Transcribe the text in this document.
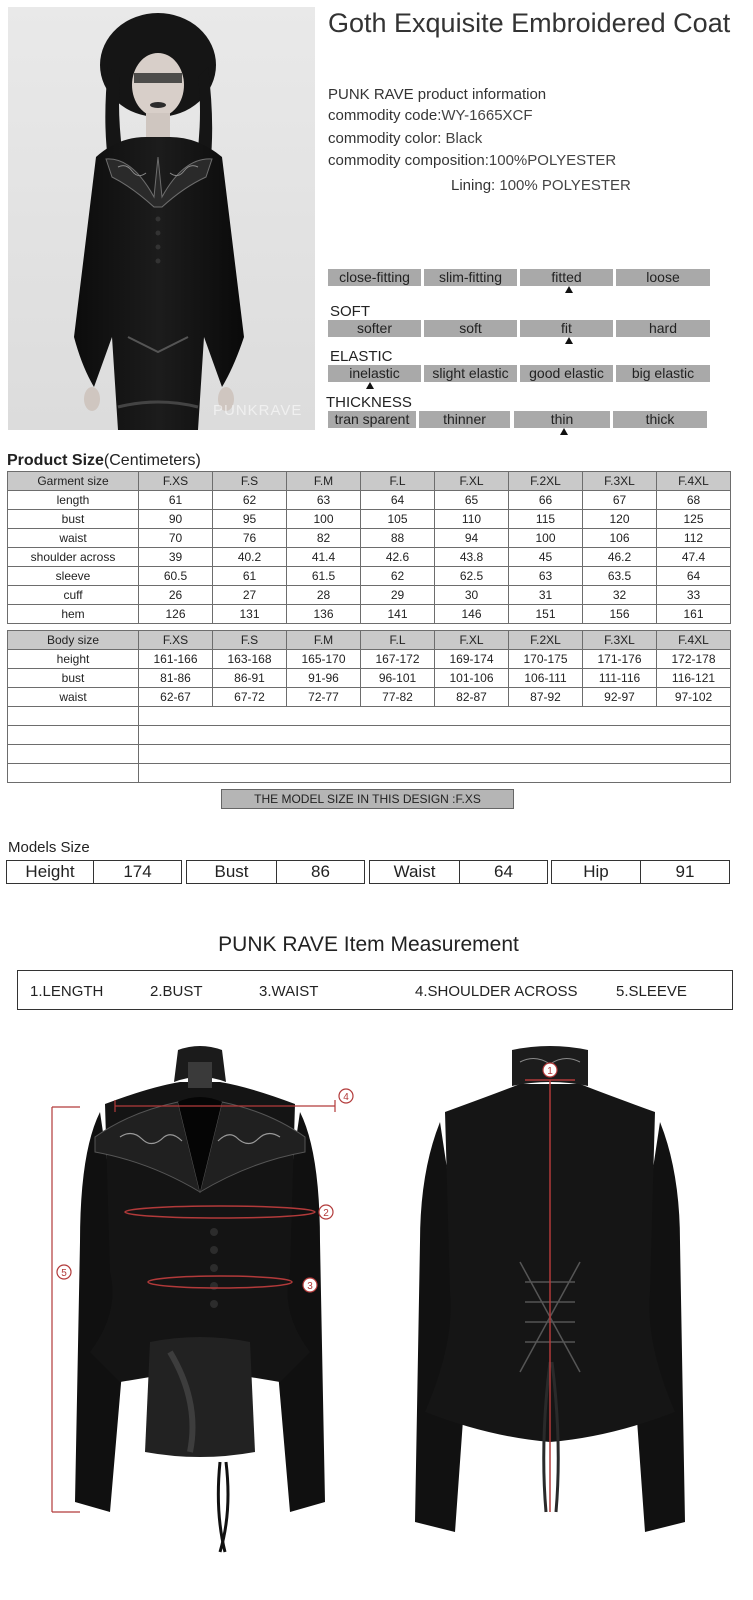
PUNKRAVE
Goth Exquisite Embroidered Coat
PUNK RAVE product information
commodity code:WY-1665XCF
commodity color: Black
commodity composition:100%POLYESTER
Lining: 100% POLYESTER
close-fitting	slim-fitting	fitted	loose
SOFT
softer	soft	fit	hard
ELASTIC
inelastic	slight elastic	good elastic	big elastic
THICKNESS
tran sparent	thinner	thin	thick
Product Size(Centimeters)
Garment size	F.XS	F.S	F.M	F.L	F.XL	F.2XL	F.3XL	F.4XL
length	61	62	63	64	65	66	67	68
bust	90	95	100	105	110	115	120	125
waist	70	76	82	88	94	100	106	112
shoulder across	39	40.2	41.4	42.6	43.8	45	46.2	47.4
sleeve	60.5	61	61.5	62	62.5	63	63.5	64
cuff	26	27	28	29	30	31	32	33
hem	126	131	136	141	146	151	156	161
Body size	F.XS	F.S	F.M	F.L	F.XL	F.2XL	F.3XL	F.4XL
height	161-166	163-168	165-170	167-172	169-174	170-175	171-176	172-178
bust	81-86	86-91	91-96	96-101	101-106	106-111	111-116	116-121
waist	62-67	67-72	72-77	77-82	82-87	87-92	92-97	97-102

THE MODEL SIZE IN THIS DESIGN :F.XS
Models Size
Height	174	Bust	86	Waist	64	Hip	91
PUNK RAVE Item Measurement
1.LENGTH	2.BUST	3.WAIST	4.SHOULDER ACROSS	5.SLEEVE
4
2
3
5
1
